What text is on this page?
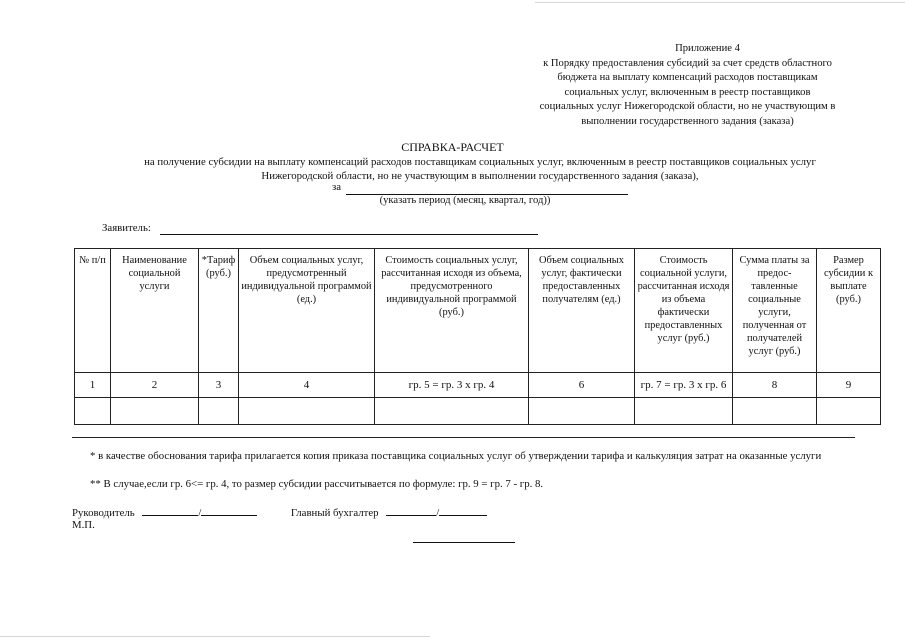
Приложение 4
к Порядку предоставления субсидий за счет средств областного
бюджета на выплату компенсаций расходов поставщикам
социальных услуг, включенным в реестр поставщиков
социальных услуг Нижегородской области, но не участвующим в
выполнении государственного задания (заказа)
СПРАВКА-РАСЧЕТ
на получение субсидии на выплату компенсаций расходов поставщикам социальных услуг, включенным в реестр поставщиков социальных услуг
Нижегородской области, но не участвующим в выполнении государственного задания (заказа),
за
(указать период (месяц, квартал, год))
Заявитель:
№ п/п	Наименование социальной услуги	*Тариф (руб.)	Объем социальных услуг, предусмотренный индивидуальной программой (ед.)	Стоимость социальных услуг, рассчитанная исходя из объема, предусмотренного индивидуальной программой (руб.)	Объем социальных услуг, фактически предоставленных получателям (ед.)	Стоимость социальной услуги, рассчитанная исходя из объема фактически предоставленных услуг (руб.)	Сумма платы за предос-тавленные социальные услуги, полученная от получателей услуг (руб.)	Размер субсидии к выплате (руб.)
1	2	3	4	гр. 5 = гр. 3 х гр. 4	6	гр. 7 = гр. 3 х гр. 6	8	9

* в качестве обоснования тарифа прилагается копия приказа поставщика социальных услуг об утверждении тарифа и калькуляция затрат на оказанные услуги
** В случае,если гр. 6<= гр. 4, то размер субсидии рассчитывается по формуле: гр. 9 = гр. 7 - гр. 8.
Руководитель	/	Главный бухгалтер	/
М.П.
